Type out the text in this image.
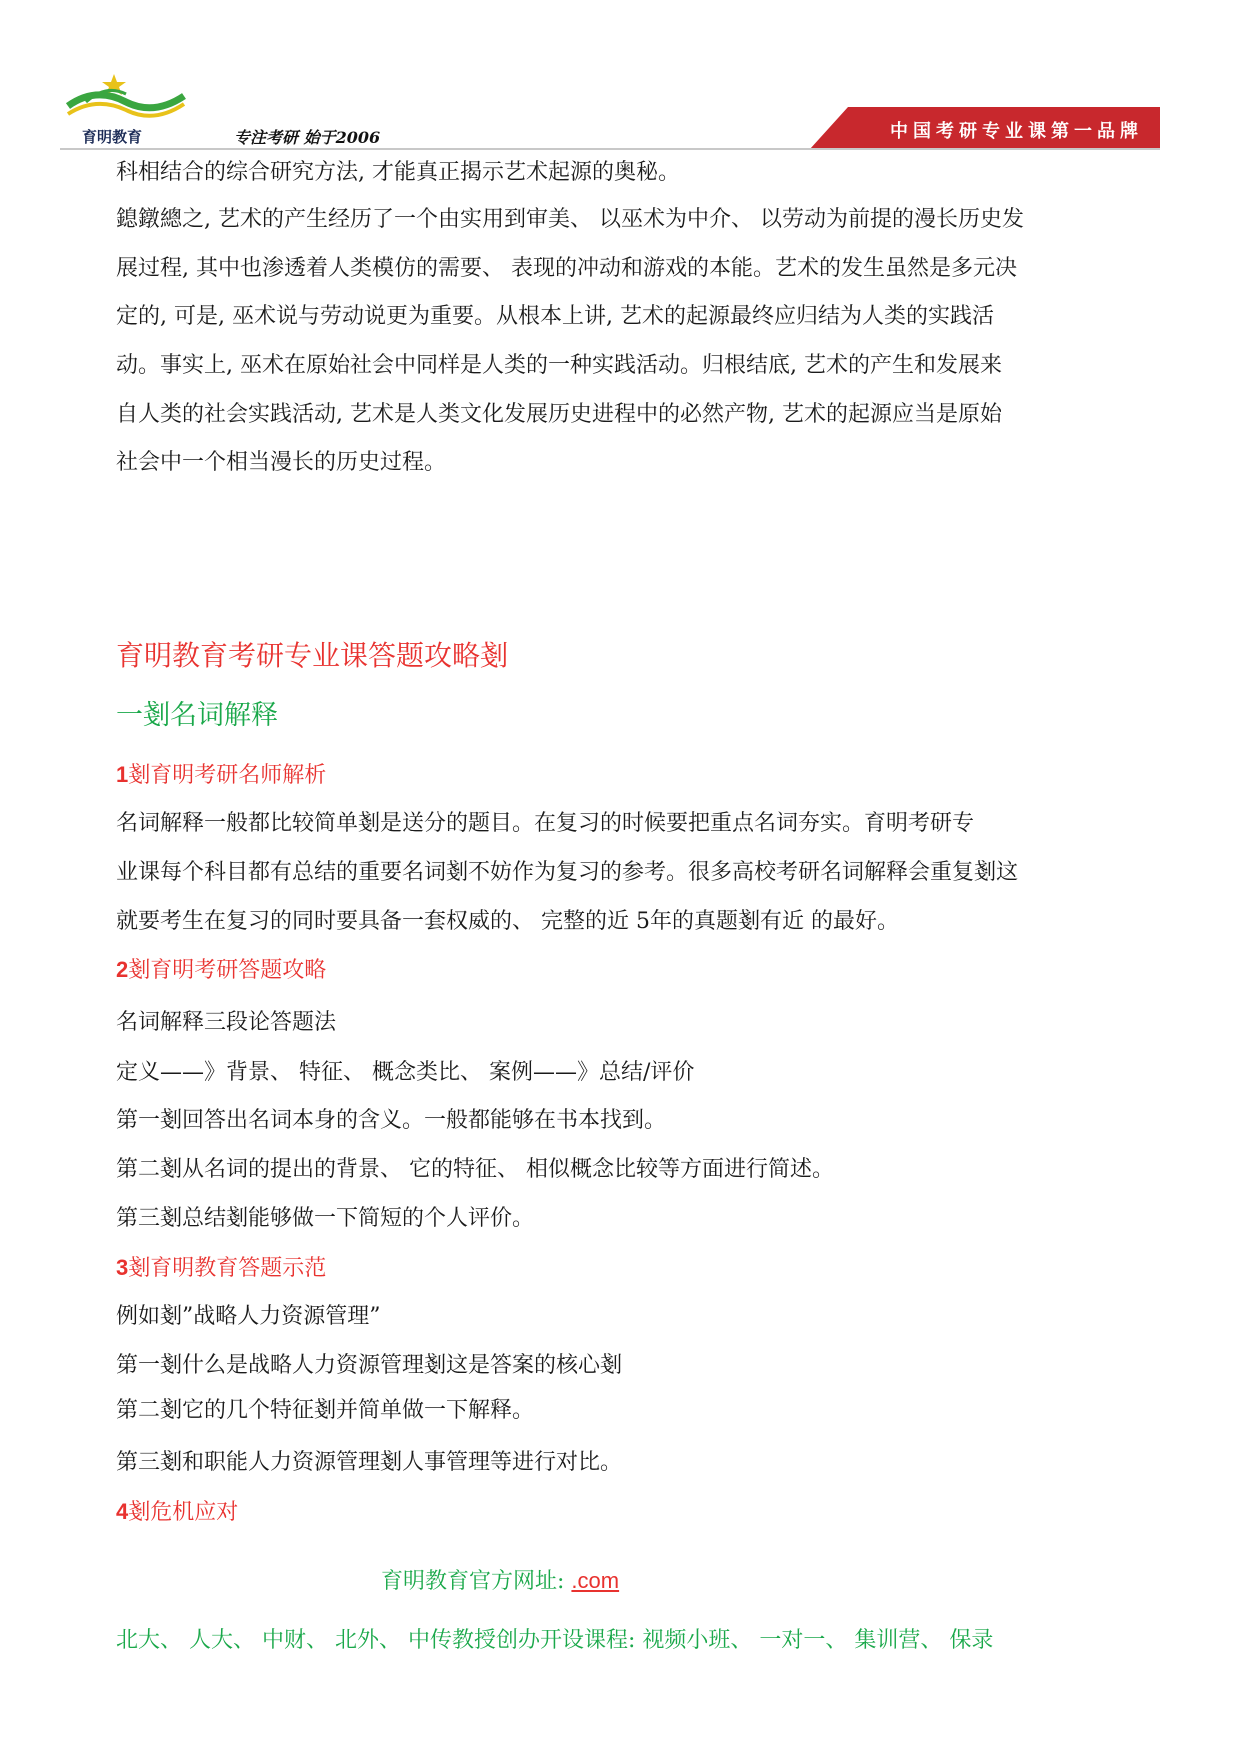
育明教育	专注考研 始于2006	中国考研专业课第一品牌
科相结合的综合研究方法, 才能真正揭示艺术起源的奥秘。
鎴鐓總之, 艺术的产生经历了一个由实用到审美、 以巫术为中介、 以劳动为前提的漫长历史发
展过程, 其中也渗透着人类模仿的需要、 表现的冲动和游戏的本能。艺术的发生虽然是多元决
定的, 可是, 巫术说与劳动说更为重要。从根本上讲, 艺术的起源最终应归结为人类的实践活
动。事实上, 巫术在原始社会中同样是人类的一种实践活动。归根结底, 艺术的产生和发展来
自人类的社会实践活动, 艺术是人类文化发展历史进程中的必然产物, 艺术的起源应当是原始
社会中一个相当漫长的历史过程。
育明教育考研专业课答题攻略剗
一剗名词解释
1剗育明考研名师解析
名词解释一般都比较简单剗是送分的题目。在复习的时候要把重点名词夯实。育明考研专
业课每个科目都有总结的重要名词剗不妨作为复习的参考。很多高校考研名词解释会重复剗这
就要考生在复习的同时要具备一套权威的、 完整的近 5年的真题剗有近 的最好。
2剗育明考研答题攻略
名词解释三段论答题法
定义——》背景、 特征、 概念类比、 案例——》总结/评价
第一剗回答出名词本身的含义。一般都能够在书本找到。
第二剗从名词的提出的背景、 它的特征、 相似概念比较等方面进行简述。
第三剗总结剗能够做一下简短的个人评价。
3剗育明教育答题示范
例如剗”战略人力资源管理”
第一剗什么是战略人力资源管理剗这是答案的核心剗
第二剗它的几个特征剗并简单做一下解释。
第三剗和职能人力资源管理剗人事管理等进行对比。
4剗危机应对
育明教育官方网址: .com
北大、 人大、 中财、 北外、 中传教授创办开设课程: 视频小班、 一对一、 集训营、 保录
